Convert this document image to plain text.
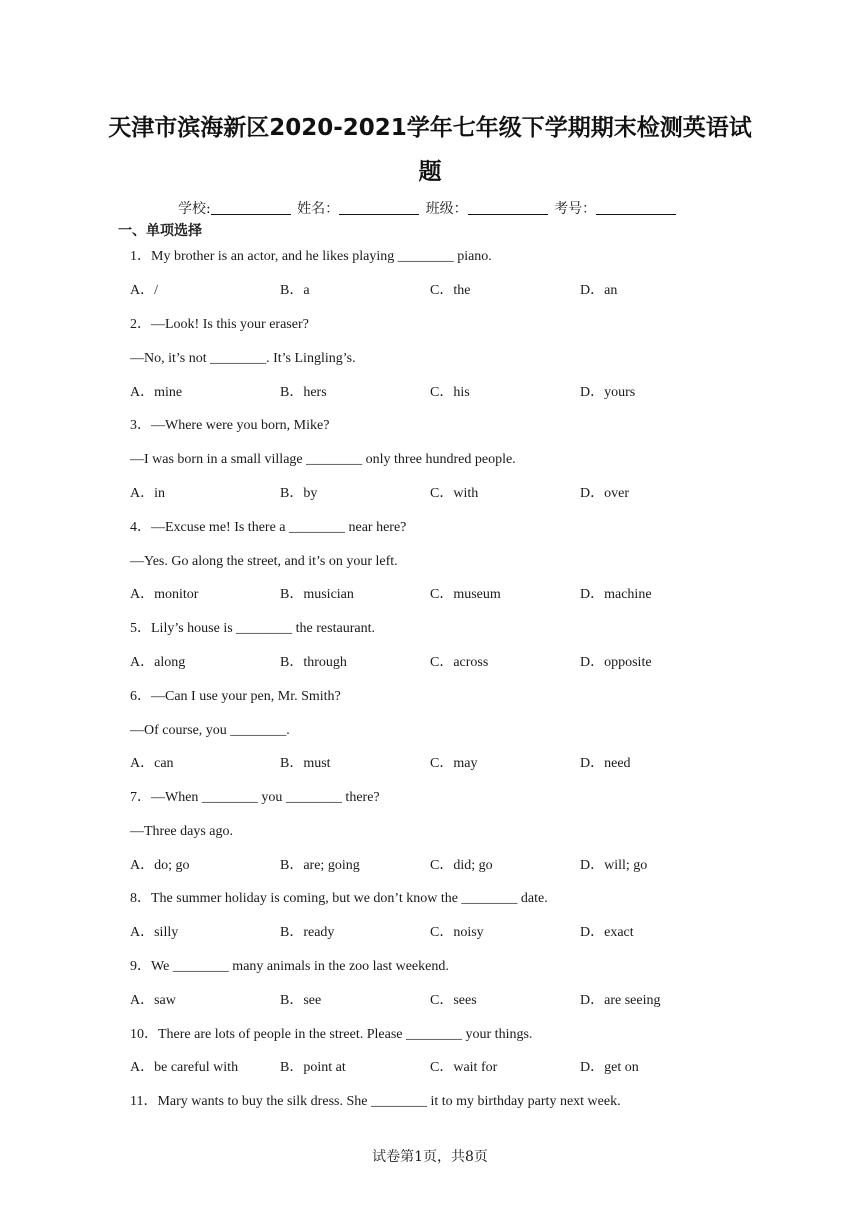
天津市滨海新区2020-2021学年七年级下学期期末检测英语试
题
学校:	姓名：	班级：	考号：
一、单项选择
1．My brother is an actor, and he likes playing ________ piano.
A．/	B．a	C．the	D．an
2．—Look! Is this your eraser?
—No, it’s not ________. It’s Lingling’s.
A．mine	B．hers	C．his	D．yours
3．—Where were you born, Mike?
—I was born in a small village ________ only three hundred people.
A．in	B．by	C．with	D．over
4．—Excuse me! Is there a ________ near here?
—Yes. Go along the street, and it’s on your left.
A．monitor	B．musician	C．museum	D．machine
5．Lily’s house is ________ the restaurant.
A．along	B．through	C．across	D．opposite
6．—Can I use your pen, Mr. Smith?
—Of course, you ________.
A．can	B．must	C．may	D．need
7．—When ________ you ________ there?
—Three days ago.
A．do; go	B．are; going	C．did; go	D．will; go
8．The summer holiday is coming, but we don’t know the ________ date.
A．silly	B．ready	C．noisy	D．exact
9．We ________ many animals in the zoo last weekend.
A．saw	B．see	C．sees	D．are seeing
10．There are lots of people in the street. Please ________ your things.
A．be careful with	B．point at	C．wait for	D．get on
11．Mary wants to buy the silk dress. She ________ it to my birthday party next week.
试卷第1页，共8页
